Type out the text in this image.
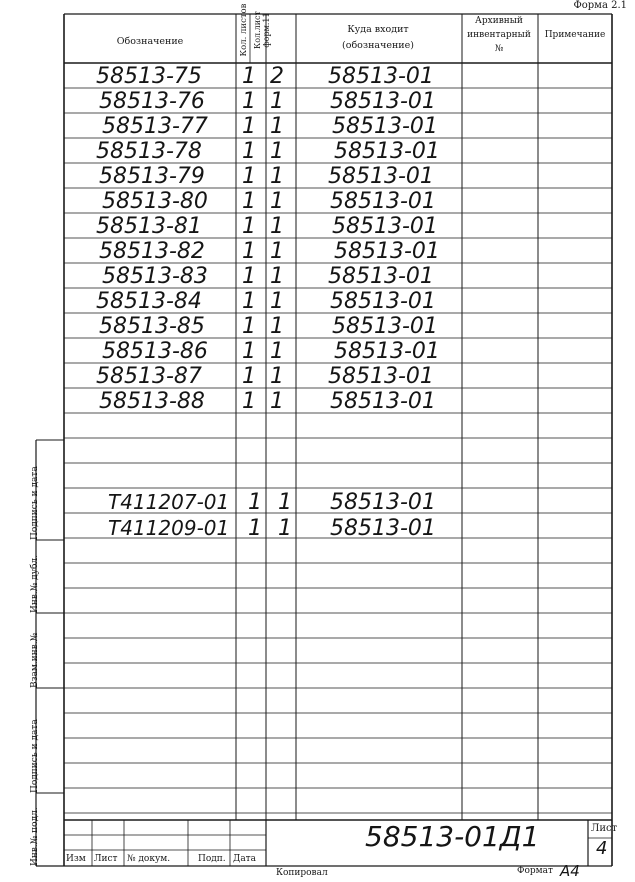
Форма 2.1
Обозначение	Кол. листов Кол.лист форм.11	Куда входит
(обозначение)
Архивный
инвентарный
№
Примечание
58513-75 1 2 58513-01
58513-76 1 1 58513-01
58513-77 1 1 58513-01
58513-78 1 1 58513-01
58513-79 1 1 58513-01
58513-80 1 1 58513-01
58513-81 1 1 58513-01
58513-82 1 1 58513-01
58513-83 1 1 58513-01
58513-84 1 1 58513-01
58513-85 1 1 58513-01
58513-86 1 1 58513-01
58513-87 1 1 58513-01
58513-88 1 1 58513-01
Т411207-01 1 1 58513-01
Т411209-01 1 1 58513-01
Подпись и дата
Инв.№ дубл.
Взам.инв.№
Подпись и дата
Инв.№ подл.	58513-01Д1	Лист
4
Изм Лист № докум.	Подп. Дата
Копировал	Формат А4
